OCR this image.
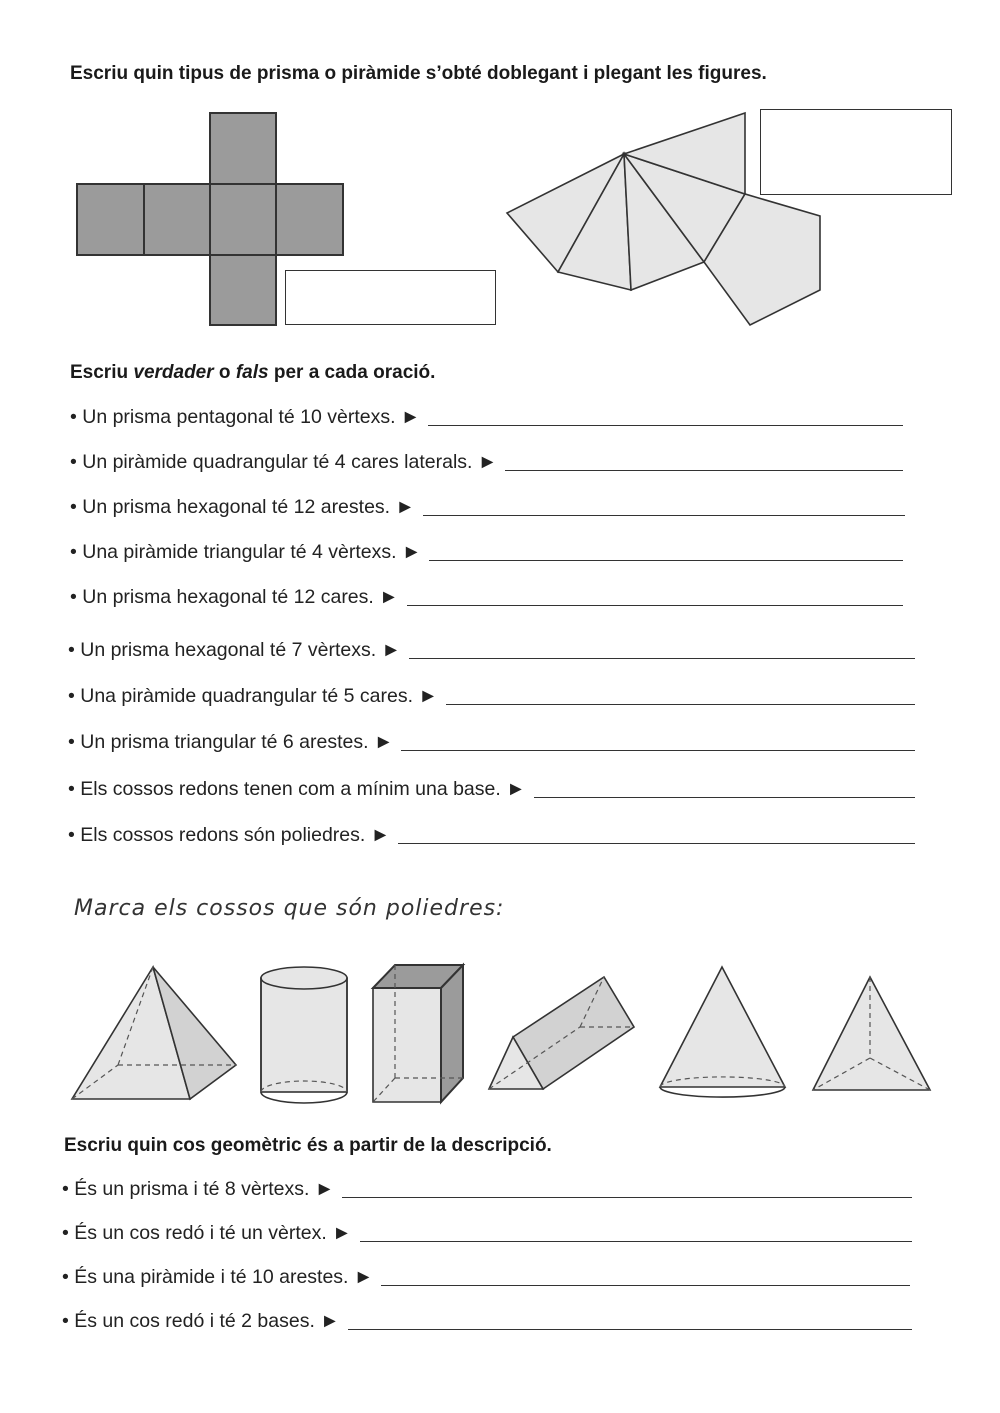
Escriu quin tipus de prisma o piràmide s’obté doblegant i plegant les figures.
Escriu verdader o fals per a cada oració.
• Un prisma pentagonal té 10 vèrtexs. ►
• Un piràmide quadrangular té 4 cares laterals. ►
• Un prisma hexagonal té 12 arestes. ►
• Una piràmide triangular té 4 vèrtexs. ►
• Un prisma hexagonal té 12 cares. ►
• Un prisma hexagonal té 7 vèrtexs. ►
• Una piràmide quadrangular té 5 cares. ►
• Un prisma triangular té 6 arestes. ►
• Els cossos redons tenen com a mínim una base. ►
• Els cossos redons són poliedres. ►
Marca els cossos que són poliedres:
Escriu quin cos geomètric és a partir de la descripció.
• És un prisma i té 8 vèrtexs. ►
• És un cos redó i té un vèrtex. ►
• És una piràmide i té 10 arestes. ►
• És un cos redó i té 2 bases. ►
